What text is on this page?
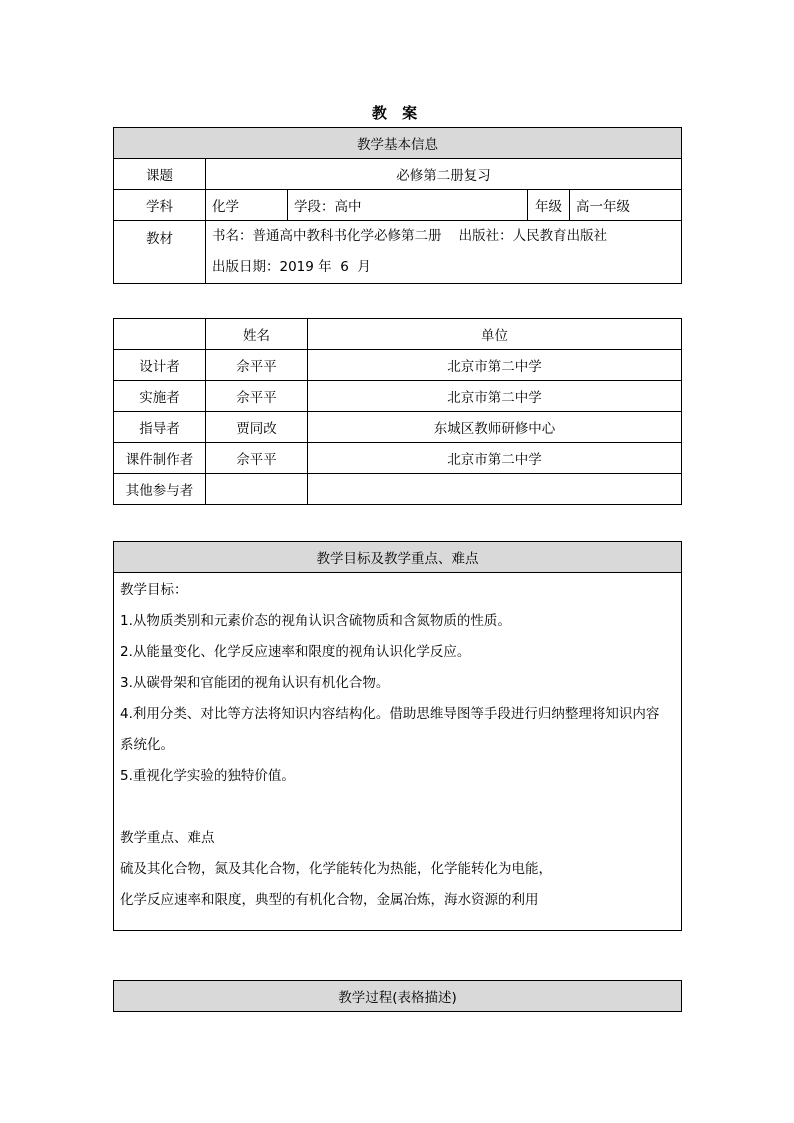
教 案
教学基本信息				
课题	必修第二册复习			
学科	化学	学段：高中	年级	高一年级
教材	书名：普通高中教科书化学必修第二册    出版社：人民教育出版社
出版日期：2019 年  6  月			
	姓名	单位
设计者	佘平平	北京市第二中学
实施者	佘平平	北京市第二中学
指导者	贾同改	东城区教师研修中心
课件制作者	佘平平	北京市第二中学
其他参与者		
教学目标及教学重点、难点

教学目标：
1.从物质类别和元素价态的视角认识含硫物质和含氮物质的性质。
2.从能量变化、化学反应速率和限度的视角认识化学反应。
3.从碳骨架和官能团的视角认识有机化合物。
4.利用分类、对比等方法将知识内容结构化。借助思维导图等手段进行归纳整理将知识内容
系统化。
5.重视化学实验的独特价值。
教学重点、难点
硫及其化合物，氮及其化合物，化学能转化为热能，化学能转化为电能，
化学反应速率和限度，典型的有机化合物，金属冶炼，海水资源的利用
教学过程(表格描述)
